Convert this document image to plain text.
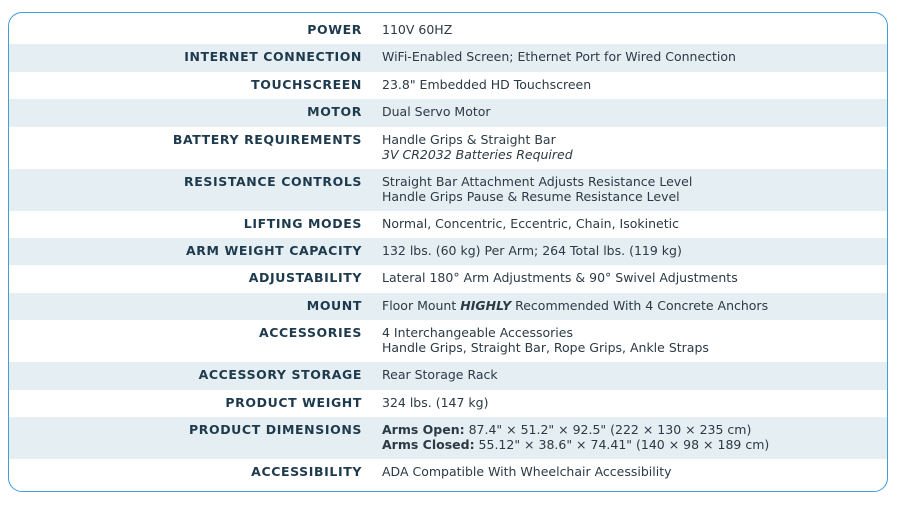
POWER 110V 60HZ
INTERNET CONNECTION WiFi-Enabled Screen; Ethernet Port for Wired Connection
TOUCHSCREEN 23.8" Embedded HD Touchscreen
MOTOR Dual Servo Motor
BATTERY REQUIREMENTS Handle Grips & Straight Bar
3V CR2032 Batteries Required
RESISTANCE CONTROLS Straight Bar Attachment Adjusts Resistance Level
Handle Grips Pause & Resume Resistance Level
LIFTING MODES Normal, Concentric, Eccentric, Chain, Isokinetic
ARM WEIGHT CAPACITY 132 lbs. (60 kg) Per Arm; 264 Total lbs. (119 kg)
ADJUSTABILITY Lateral 180° Arm Adjustments & 90° Swivel Adjustments
MOUNT Floor Mount HIGHLY Recommended With 4 Concrete Anchors
ACCESSORIES 4 Interchangeable Accessories
Handle Grips, Straight Bar, Rope Grips, Ankle Straps
ACCESSORY STORAGE Rear Storage Rack
PRODUCT WEIGHT 324 lbs. (147 kg)
PRODUCT DIMENSIONS Arms Open: 87.4" × 51.2" × 92.5" (222 × 130 × 235 cm)
Arms Closed: 55.12" × 38.6" × 74.41" (140 × 98 × 189 cm)
ACCESSIBILITY ADA Compatible With Wheelchair Accessibility
